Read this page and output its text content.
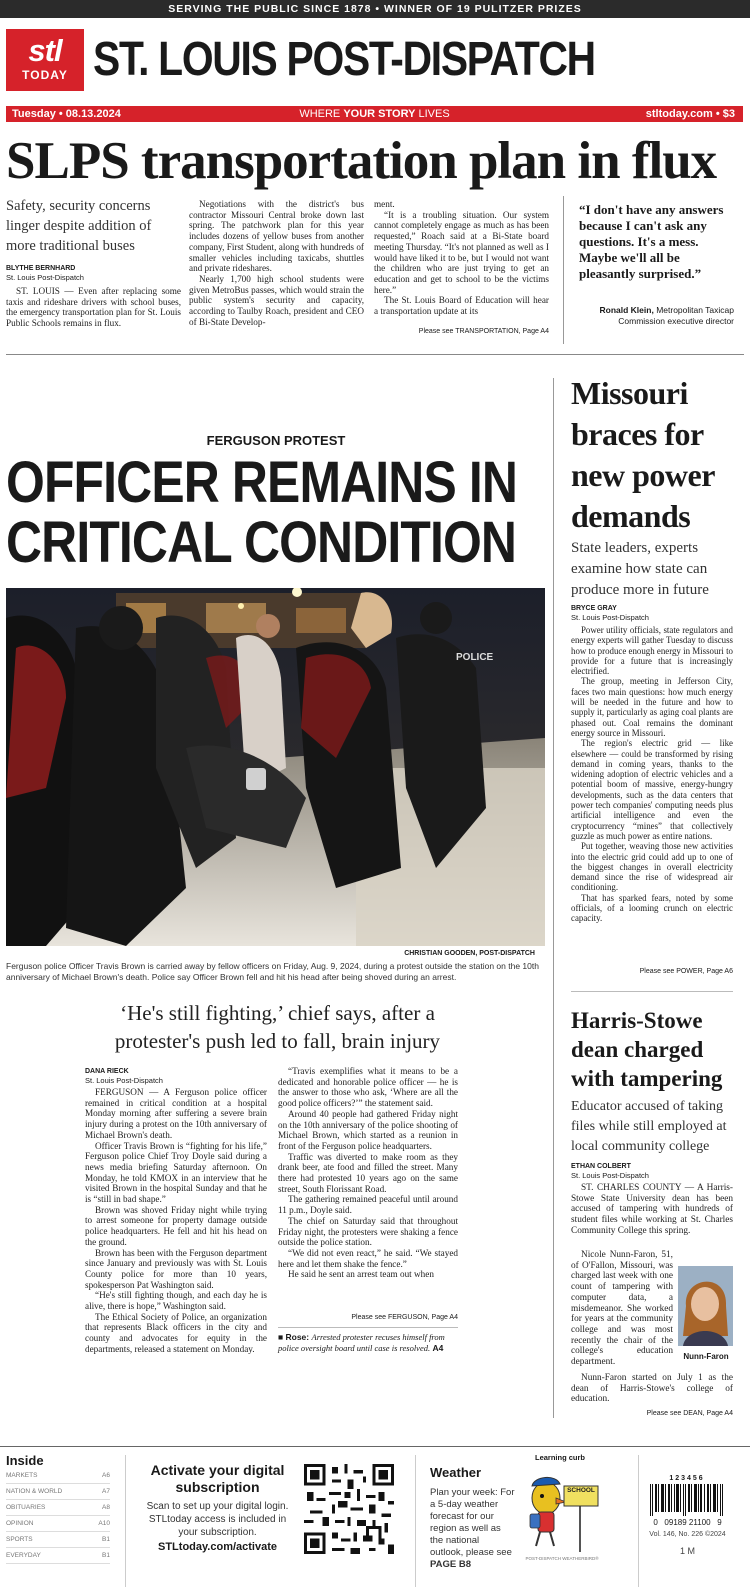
SERVING THE PUBLIC SINCE 1878 • WINNER OF 19 PULITZER PRIZES
stl
TODAY ST. LOUIS POST-DISPATCH
WHERE YOUR STORY LIVES
Tuesday • 08.13.2024	stltoday.com • $3
SLPS transportation plan in flux
Safety, security concerns linger despite addition of more traditional buses
BLYTHE BERNHARD
St. Louis Post-Dispatch

ST. LOUIS — Even after replacing some taxis and rideshare drivers with school buses, the emergency transportation plan for St. Louis Public Schools remains in flux.

Negotiations with the district's bus contractor Missouri Central broke down last spring. The patchwork plan for this year includes dozens of yellow buses from another company, First Student, along with hundreds of smaller vehicles including taxicabs, shuttles and private rideshares.

Nearly 1,700 high school students were given MetroBus passes, which would strain the public system's security and capacity, according to Taulby Roach, president and CEO of Bi-State Develop-

ment.

“It is a troubling situation. Our system cannot completely engage as much as has been requested,” Roach said at a Bi-State board meeting Thursday. “It's not planned as well as I would have liked it to be, but I would not want the children who are just trying to get an education and get to school to be the victims here.”

The St. Louis Board of Education will hear a transportation update at its

Please see TRANSPORTATION, Page A4
“I don't have any answers because I can't ask any questions. It's a mess. Maybe we'll all be pleasantly surprised.”
Ronald Klein, Metropolitan Taxicap Commission executive director
FERGUSON PROTEST
OFFICER REMAINS IN
CRITICAL CONDITION
POLICE
CHRISTIAN GOODEN, POST-DISPATCH
Ferguson police Officer Travis Brown is carried away by fellow officers on Friday, Aug. 9, 2024, during a protest outside the station on the 10th anniversary of Michael Brown's death. Police say Officer Brown fell and hit his head after being shoved during an arrest.
‘He's still fighting,’ chief says, after a protester's push led to fall, brain injury
DANA RIECK
St. Louis Post-Dispatch

FERGUSON — A Ferguson police officer remained in critical condition at a hospital Monday morning after suffering a severe brain injury during a protest on the 10th anniversary of Michael Brown's death.

Officer Travis Brown is “fighting for his life,” Ferguson police Chief Troy Doyle said during a news media briefing Saturday afternoon. On Monday, he told KMOX in an interview that he visited Brown in the hospital Sunday and that he is “still in bad shape.”

Brown was shoved Friday night while trying to arrest someone for property damage outside police headquarters. He fell and hit his head on the ground.

Brown has been with the Ferguson department since January and previously was with St. Louis County police for more than 10 years, spokesperson Pat Washington said.

“He's still fighting though, and each day he is alive, there is hope,” Washington said.

The Ethical Society of Police, an organization that represents Black officers in the city and county and advocates for equity in the departments, released a statement on Monday.

“Travis exemplifies what it means to be a dedicated and honorable police officer — he is the answer to those who ask, ‘Where are all the good police officers?’” the statement said.

Around 40 people had gathered Friday night on the 10th anniversary of the police shooting of Michael Brown, which started as a reunion in front of the Ferguson police headquarters.

Traffic was diverted to make room as they drank beer, ate food and filled the street. Many there had protested 10 years ago on the same street, South Florissant Road.

The gathering remained peaceful until around 11 p.m., Doyle said.

The chief on Saturday said that throughout Friday night, the protesters were shaking a fence outside the police station.

“We did not even react,” he said. “We stayed here and let them shake the fence.”

He said he sent an arrest team out when

Please see FERGUSON, Page A4
■ Rose: Arrested protester recuses himself from police oversight board until case is resolved. A4
Missouri braces for new power demands
State leaders, experts examine how state can produce more in future
BRYCE GRAY
St. Louis Post-Dispatch

Power utility officials, state regulators and energy experts will gather Tuesday to discuss how to produce enough energy in Missouri to provide for a future that is increasingly electrified.

The group, meeting in Jefferson City, faces two main questions: how much energy will be needed in the future and how to supply it, particularly as aging coal plants are phased out. Coal remains the dominant energy source in Missouri.

The region's electric grid — like elsewhere — could be transformed by rising demand in coming years, thanks to the widening adoption of electric vehicles and a potential boom of massive, energy-hungry developments, such as the data centers that power tech companies' computing needs plus artificial intelligence and even the cryptocurrency “mines” that collectively guzzle as much power as entire nations.

Put together, weaving those new activities into the electric grid could add up to one of the biggest changes in overall electricity demand since the rise of widespread air conditioning.

That has sparked fears, noted by some officials, of a looming crunch on electric capacity.

Please see POWER, Page A6
Harris-Stowe dean charged with tampering
Educator accused of taking files while still employed at local community college
ETHAN COLBERT
St. Louis Post-Dispatch

ST. CHARLES COUNTY — A Harris-Stowe State University dean has been accused of tampering with hundreds of student files while working at St. Charles Community College this spring.

Nicole Nunn-Faron, 51, of O'Fallon, Missouri, was charged last week with one count of tampering with computer data, a misdemeanor. She worked for years at the community college and was most recently the chair of the college's education department.

Nunn-Faron started on July 1 as the dean of Harris-Stowe's college of education.

Nunn-Faron
Please see DEAN, Page A4
Inside
MARKETS	A6
NATION & WORLD	A7
OBITUARIES	A8
OPINION	A10
SPORTS	B1
EVERYDAY	B1
Activate your digital subscription
Scan to set up your digital login. STLtoday access is included in your subscription.
STLtoday.com/activate
Weather
Plan your week: For a 5-day weather forecast for our region as well as the national outlook, please see PAGE B8
Learning curb
SCHOOL
POST-DISPATCH WEATHERBIRD®
123456
0   09189 21100   9
Vol. 146, No. 226 ©2024
1 M
